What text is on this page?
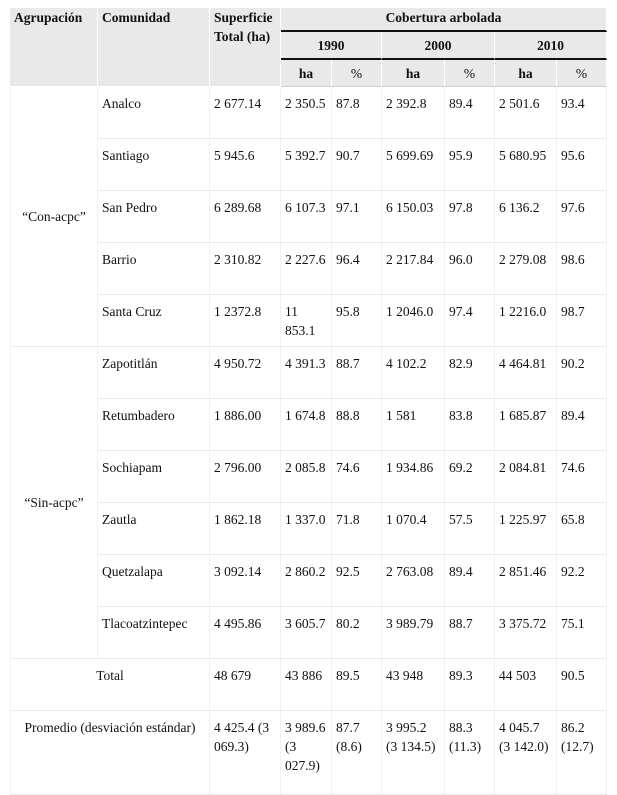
Agrupación	Comunidad	Superficie Total (ha)	Cobertura arbolada					
			1990		2000		2010	
			ha	%	ha	%	ha	%
“Con-acpc”	Analco	2 677.14	2 350.5	87.8	2 392.8	89.4	2 501.6	93.4
	Santiago	5 945.6	5 392.7	90.7	5 699.69	95.9	5 680.95	95.6
	San Pedro	6 289.68	6 107.3	97.1	6 150.03	97.8	6 136.2	97.6
	Barrio	2 310.82	2 227.6	96.4	2 217.84	96.0	2 279.08	98.6
	Santa Cruz	1 2372.8	11 853.1	95.8	1 2046.0	97.4	1 2216.0	98.7
“Sin-acpc”	Zapotitlán	4 950.72	4 391.3	88.7	4 102.2	82.9	4 464.81	90.2
	Retumbadero	1 886.00	1 674.8	88.8	1 581	83.8	1 685.87	89.4
	Sochiapam	2 796.00	2 085.8	74.6	1 934.86	69.2	2 084.81	74.6
	Zautla	1 862.18	1 337.0	71.8	1 070.4	57.5	1 225.97	65.8
	Quetzalapa	3 092.14	2 860.2	92.5	2 763.08	89.4	2 851.46	92.2
	Tlacoatzintepec	4 495.86	3 605.7	80.2	3 989.79	88.7	3 375.72	75.1
Total		48 679	43 886	89.5	43 948	89.3	44 503	90.5
Promedio (desviación estándar)		4 425.4 (3 069.3)	3 989.6 (3 027.9)	87.7 (8.6)	3 995.2 (3 134.5)	88.3 (11.3)	4 045.7 (3 142.0)	86.2 (12.7)
